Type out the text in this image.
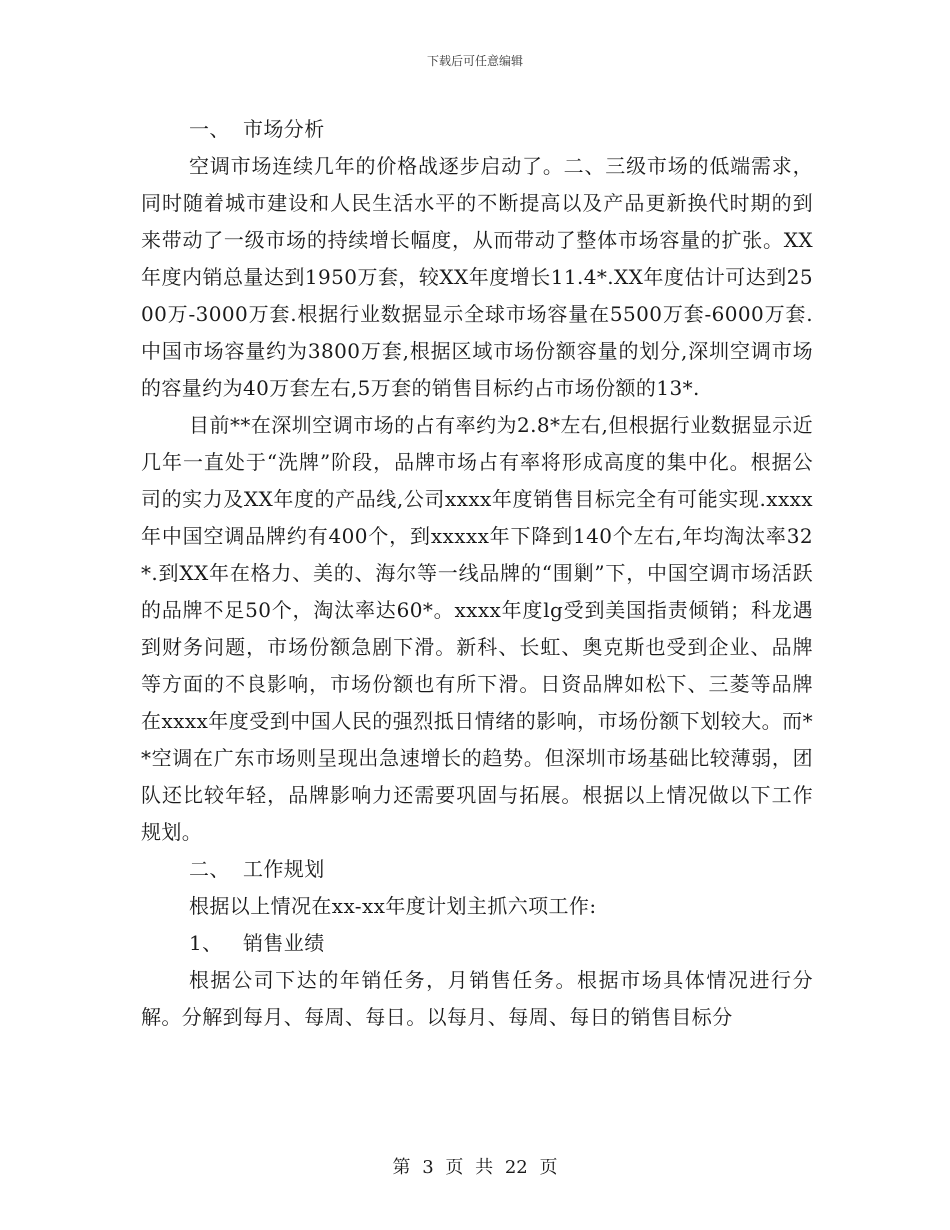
下载后可任意编辑

一、 市场分析

空调市场连续几年的价格战逐步启动了。二、三级市场的低端需求，同时随着城市建设和人民生活水平的不断提高以及产品更新换代时期的到来带动了一级市场的持续增长幅度，从而带动了整体市场容量的扩张。XX年度内销总量达到1950万套，较XX年度增长11.4*.XX年度估计可达到2500万-3000万套.根据行业数据显示全球市场容量在5500万套-6000万套.中国市场容量约为3800万套,根据区域市场份额容量的划分,深圳空调市场的容量约为40万套左右,5万套的销售目标约占市场份额的13*.

目前**在深圳空调市场的占有率约为2.8*左右,但根据行业数据显示近几年一直处于“洗牌”阶段，品牌市场占有率将形成高度的集中化。根据公司的实力及XX年度的产品线,公司xxxx年度销售目标完全有可能实现.xxxx年中国空调品牌约有400个，到xxxxx年下降到140个左右,年均淘汰率32*.到XX年在格力、美的、海尔等一线品牌的“围剿”下，中国空调市场活跃的品牌不足50个，淘汰率达60*。xxxx年度lg受到美国指责倾销；科龙遇到财务问题，市场份额急剧下滑。新科、长虹、奥克斯也受到企业、品牌等方面的不良影响，市场份额也有所下滑。日资品牌如松下、三菱等品牌在xxxx年度受到中国人民的强烈抵日情绪的影响，市场份额下划较大。而**空调在广东市场则呈现出急速增长的趋势。但深圳市场基础比较薄弱，团队还比较年轻，品牌影响力还需要巩固与拓展。根据以上情况做以下工作规划。

二、 工作规划

根据以上情况在xx-xx年度计划主抓六项工作:

1、 销售业绩

根据公司下达的年销任务，月销售任务。根据市场具体情况进行分解。分解到每月、每周、每日。以每月、每周、每日的销售目标分

第 3 页 共 22 页
